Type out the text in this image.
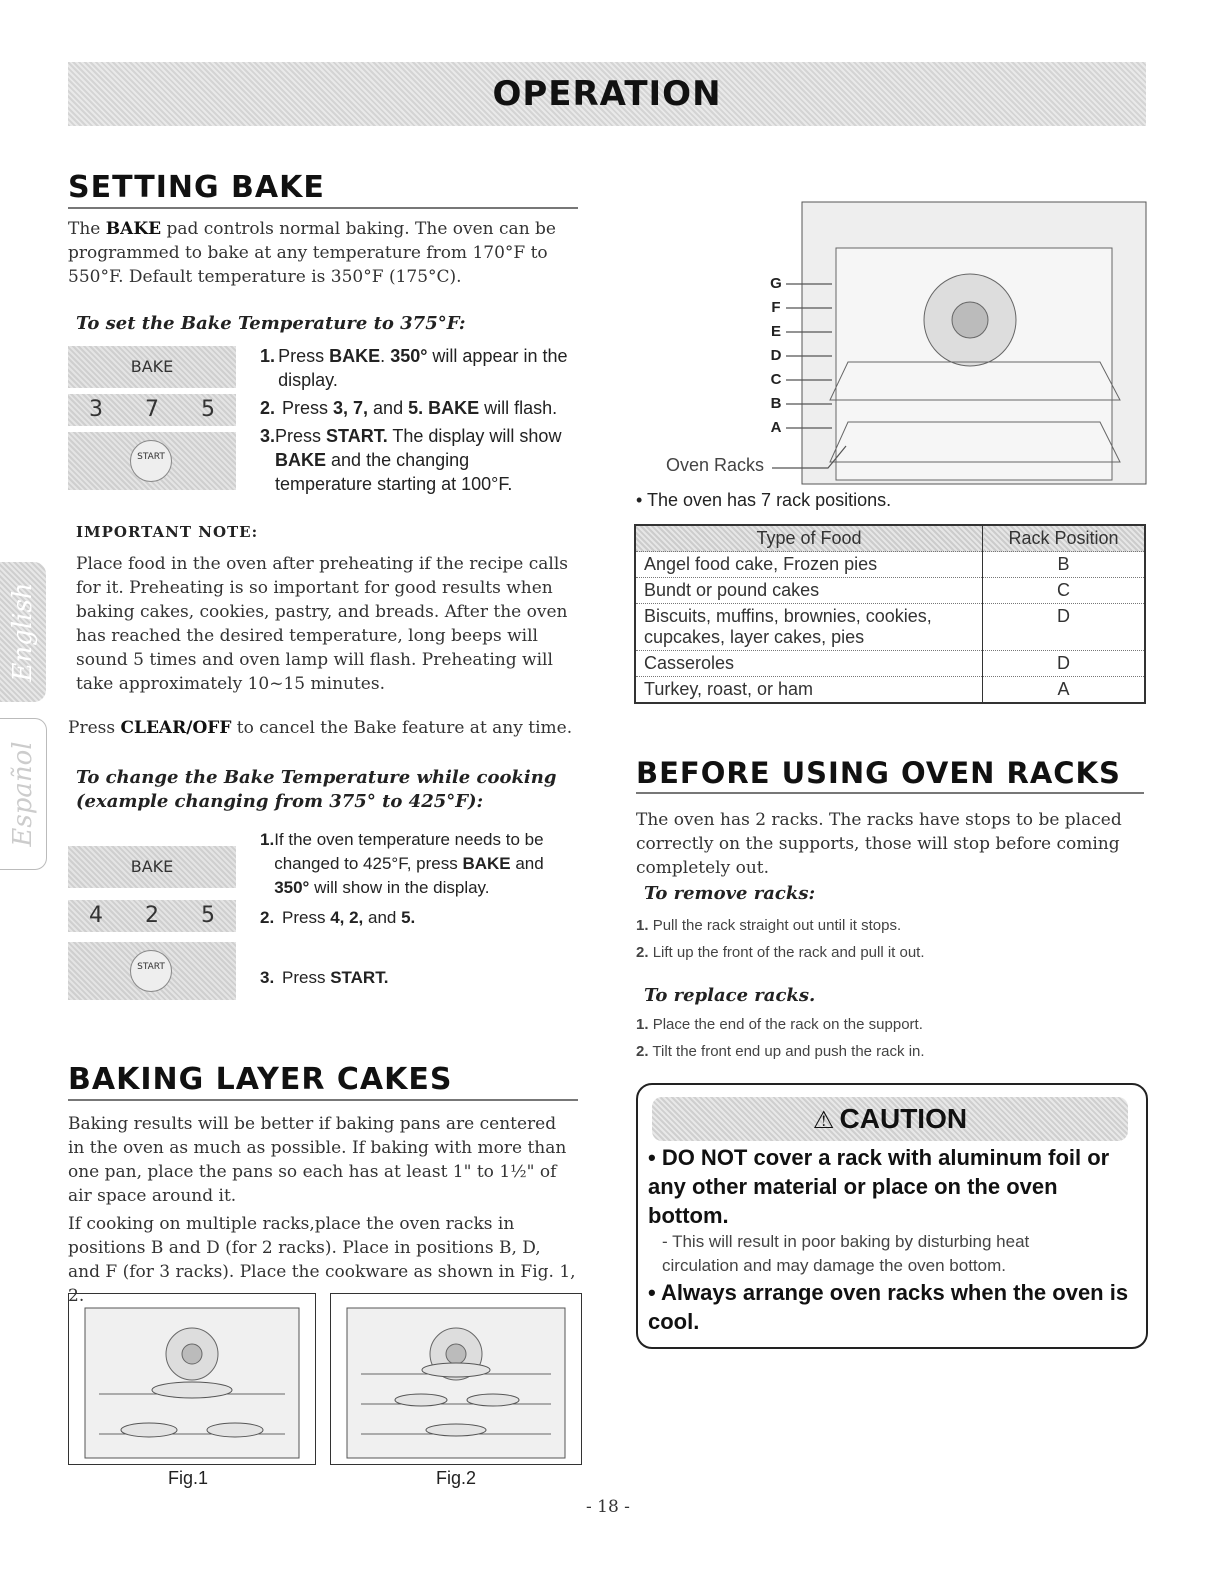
OPERATION
English
Español
SETTING BAKE
The BAKE pad controls normal baking. The oven can be programmed to bake at any temperature from 170°F to 550°F. Default temperature is 350°F (175°C).
To set the Bake Temperature to 375°F:
BAKE
3 7 5
START
1. Press BAKE. 350° will appear in the display.
2. Press 3, 7, and 5. BAKE will flash.
3. Press START. The display will show BAKE and the changing temperature starting at 100°F.
IMPORTANT NOTE:
Place food in the oven after preheating if the recipe calls for it. Preheating is so important for good results when baking cakes, cookies, pastry, and breads. After the oven has reached the desired temperature, long beeps will sound 5 times and oven lamp will flash. Preheating will take approximately 10~15 minutes.
Press CLEAR/OFF to cancel the Bake feature at any time.
To change the Bake Temperature while cooking
(example changing from 375° to 425°F):
BAKE
4 2 5
START
1. If the oven temperature needs to be changed to 425°F, press BAKE and 350° will show in the display.
2. Press 4, 2, and 5.
3. Press START.
BAKING LAYER CAKES
Baking results will be better if baking pans are centered in the oven as much as possible. If baking with more than one pan, place the pans so each has at least 1" to 1½" of air space around it.
If cooking on multiple racks,place the oven racks in positions B and D (for 2 racks). Place in positions B, D, and F (for 3 racks). Place the cookware as shown in Fig. 1, 2.
Fig.1	Fig.2
G
F
E
D
C
B
A
Oven Racks
• The oven has 7 rack positions.
Type of Food	Rack Position
Angel food cake, Frozen pies	B
Bundt or pound cakes	C
Biscuits, muffins, brownies, cookies, cupcakes, layer cakes, pies	D
Casseroles	D
Turkey, roast, or ham	A
BEFORE USING OVEN RACKS
The oven has 2 racks. The racks have stops to be placed correctly on the supports, those will stop before coming completely out.
To remove racks:
1. Pull the rack straight out until it stops.
2. Lift up the front of the rack and pull it out.
To replace racks.
1. Place the end of the rack on the support.
2. Tilt the front end up and push the rack in.
⚠ CAUTION
• DO NOT cover a rack with aluminum foil or any other material or place on the oven bottom.
- This will result in poor baking by disturbing heat circulation and may damage the oven bottom.
• Always arrange oven racks when the oven is cool.
- 18 -
